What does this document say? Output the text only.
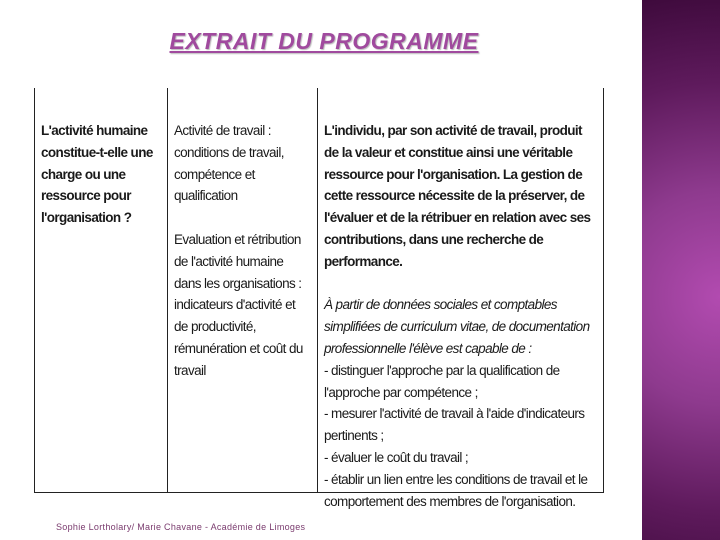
EXTRAIT DU PROGRAMME
L'activité humaine constitue-t-elle une charge ou une ressource pour l'organisation ?
Activité de travail : conditions de travail, compétence et qualification
Evaluation et rétribution de l'activité humaine dans les organisations : indicateurs d'activité et de productivité, rémunération et coût du travail
L'individu, par son activité de travail, produit de la valeur et constitue ainsi une véritable ressource pour l'organisation. La gestion de cette ressource nécessite de la préserver, de l'évaluer et de la rétribuer en relation avec ses contributions, dans une recherche de performance.
À partir de données sociales et comptables simplifiées de curriculum vitae, de documentation professionnelle l'élève est capable de :
- distinguer l'approche par la qualification de l'approche par compétence ;
- mesurer l'activité de travail à l'aide d'indicateurs pertinents ;
- évaluer le coût du travail ;
- établir un lien entre les conditions de travail et le comportement des membres de l'organisation.
Sophie Lortholary/ Marie Chavane - Académie de Limoges
